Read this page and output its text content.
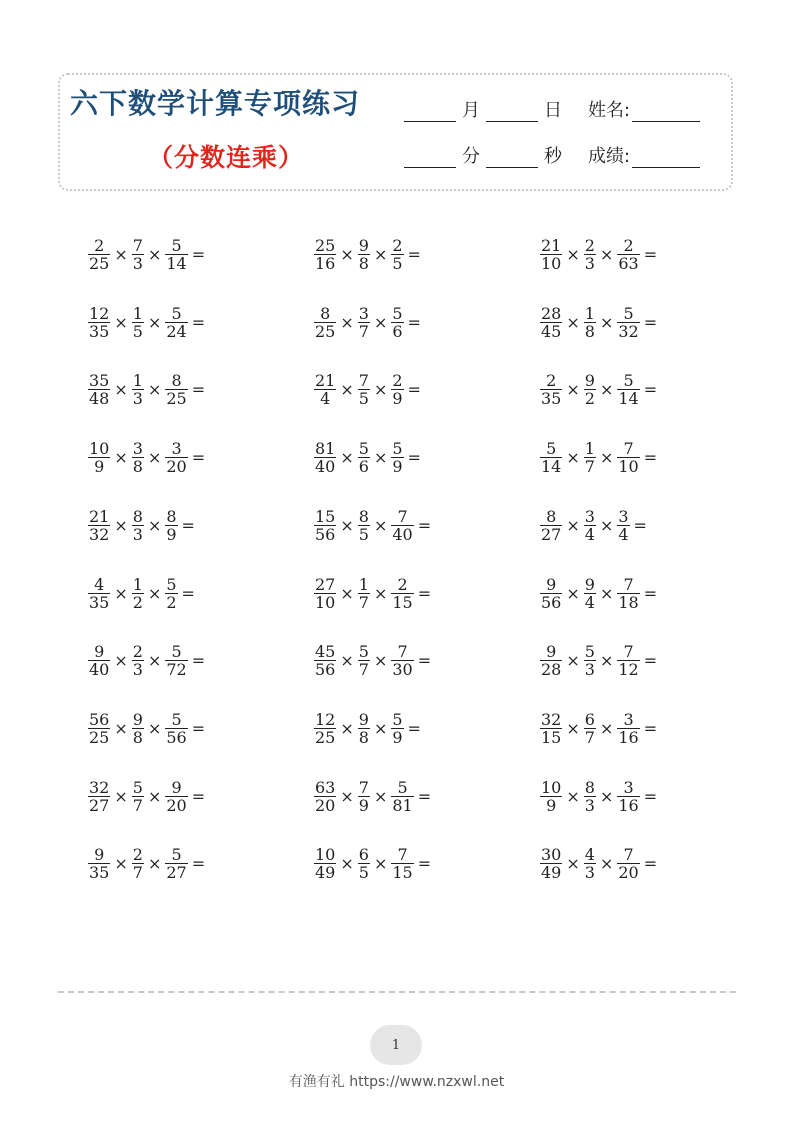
六下数学计算专项练习
（分数连乘）
月	日 姓名:
分	秒 成绩:
$\frac{2}{25} \times \frac{7}{3} \times \frac{5}{14}$ =
$\frac{12}{35} \times \frac{1}{5} \times \frac{5}{24}$ =
$\frac{35}{48} \times \frac{1}{3} \times \frac{8}{25}$ =
$\frac{10}{9} \times \frac{3}{8} \times \frac{3}{20}$ =
$\frac{21}{32} \times \frac{8}{3} \times \frac{8}{9}$ =
$\frac{4}{35} \times \frac{1}{2} \times \frac{5}{2}$ =
$\frac{9}{40} \times \frac{2}{3} \times \frac{5}{72}$ =
$\frac{56}{25} \times \frac{9}{8} \times \frac{5}{56}$ =
$\frac{32}{27} \times \frac{5}{7} \times \frac{9}{20}$ =
$\frac{9}{35} \times \frac{2}{7} \times \frac{5}{27}$ =
$\frac{25}{16} \times \frac{9}{8} \times \frac{2}{5}$ =
$\frac{8}{25} \times \frac{3}{7} \times \frac{5}{6}$ =
$\frac{21}{4} \times \frac{7}{5} \times \frac{2}{9}$ =
$\frac{81}{40} \times \frac{5}{6} \times \frac{5}{9}$ =
$\frac{15}{56} \times \frac{8}{5} \times \frac{7}{40}$ =
$\frac{27}{10} \times \frac{1}{7} \times \frac{2}{15}$ =
$\frac{45}{56} \times \frac{5}{7} \times \frac{7}{30}$ =
$\frac{12}{25} \times \frac{9}{8} \times \frac{5}{9}$ =
$\frac{63}{20} \times \frac{7}{9} \times \frac{5}{81}$ =
$\frac{10}{49} \times \frac{6}{5} \times \frac{7}{15}$ =
$\frac{21}{10} \times \frac{2}{3} \times \frac{2}{63}$ =
$\frac{28}{45} \times \frac{1}{8} \times \frac{5}{32}$ =
$\frac{2}{35} \times \frac{9}{2} \times \frac{5}{14}$ =
$\frac{5}{14} \times \frac{1}{7} \times \frac{7}{10}$ =
$\frac{8}{27} \times \frac{3}{4} \times \frac{3}{4}$ =
$\frac{9}{56} \times \frac{9}{4} \times \frac{7}{18}$ =
$\frac{9}{28} \times \frac{5}{3} \times \frac{7}{12}$ =
$\frac{32}{15} \times \frac{6}{7} \times \frac{3}{16}$ =
$\frac{10}{9} \times \frac{8}{3} \times \frac{3}{16}$ =
$\frac{30}{49} \times \frac{4}{3} \times \frac{7}{20}$ =
1
有渔有礼 https://www.nzxwl.net
